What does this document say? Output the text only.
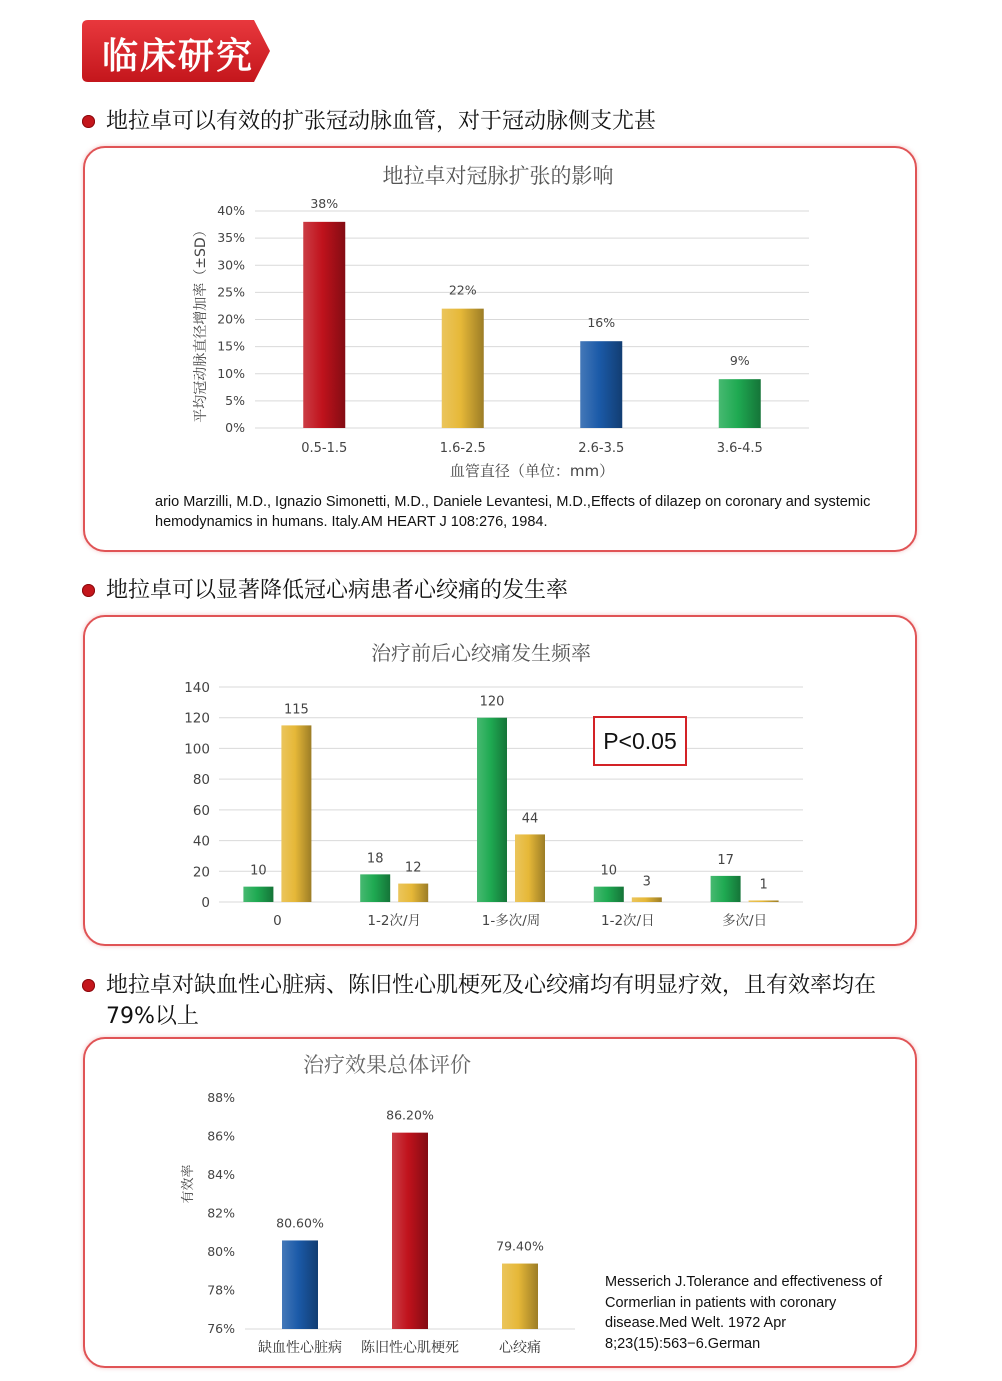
临床研究
地拉卓可以有效的扩张冠动脉血管，对于冠动脉侧支尤甚
地拉卓可以显著降低冠心病患者心绞痛的发生率
地拉卓对缺血性心脏病、陈旧性心肌梗死及心绞痛均有明显疗效，且有效率均在79%以上
地拉卓对冠脉扩张的影响
0%
5%
10%
15%
20%
25%
30%
35%
40%	38%
0.5-1.5
22%
1.6-2.5
16%
2.6-3.5
9%
3.6-4.5
血管直径（单位：mm）
平均冠动脉直径增加率（±SD）
ario Marzilli, M.D., Ignazio Simonetti, M.D., Daniele Levantesi, M.D.,Effects of dilazep on coronary and systemic hemodynamics in humans. Italy.AM HEART J 108:276, 1984.
治疗前后心绞痛发生频率
0
20
40
60
80
100
120
140
10
115
0
18
12
1-2次/月
120
44
1-多次/周
10
3
1-2次/日
17
1
多次/日
P<0.05
治疗效果总体评价
76%
78%
80%
82%
84%
86%
88%
80.60%
缺血性心脏病
86.20%
陈旧性心肌梗死
79.40%
心绞痛
有效率
Messerich J.Tolerance and effectiveness of Cormerlian in patients with coronary disease.Med Welt. 1972 Apr 8;23(15):563−6.German
